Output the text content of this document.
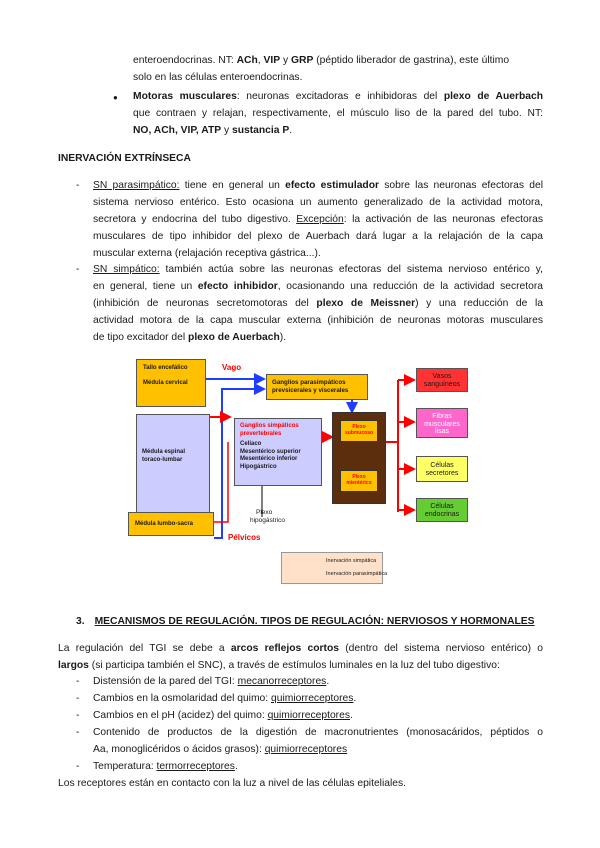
enteroendocrinas. NT: ACh, VIP y GRP (péptido liberador de gastrina), este último
solo en las células enteroendocrinas.
● Motoras musculares: neuronas excitadoras e inhibidoras del plexo de Auerbach
que contraen y relajan, respectivamente, el músculo liso de la pared del tubo. NT:
NO, ACh, VIP, ATP y sustancia P.
INERVACIÓN EXTRÍNSECA
- SN parasimpático: tiene en general un efecto estimulador sobre las neuronas efectoras del
sistema nervioso entérico. Esto ocasiona un aumento generalizado de la actividad motora,
secretora y endocrina del tubo digestivo. Excepción: la activación de las neuronas efectoras
musculares de tipo inhibidor del plexo de Auerbach dará lugar a la relajación de la capa
muscular externa (relajación receptiva gástrica...).
- SN simpático: también actúa sobre las neuronas efectoras del sistema nervioso entérico y,
en general, tiene un efecto inhibidor, ocasionando una reducción de la actividad secretora
(inhibición de neuronas secretomotoras del plexo de Meissner) y una reducción de la
actividad motora de la capa muscular externa (inhibición de neuronas motoras musculares
de tipo excitador del plexo de Auerbach).
Tallo encefálico
Médula cervical
Vago
Ganglios parasimpáticos
prevsicerales y viscerales
Médula espinal
toraco-lumbar
Ganglios simpáticos
prevertebrales
Celíaco
Mesentérico superior
Mesentérico inferior
Hipogástrico
Plexo
submucoso
Plexo
mientérico
Vasos
sanguíneos
Fibras
musculares
lisas
Células
secretores
Células
endocrinas
Plexo
hipogástrico
Médula lumbo-sacra
Pélvicos
Inervación simpática
Inervación parasimpática
3. MECANISMOS DE REGULACIÓN. TIPOS DE REGULACIÓN: NERVIOSOS Y HORMONALES
La regulación del TGI se debe a arcos reflejos cortos (dentro del sistema nervioso entérico) o
largos (si participa también el SNC), a través de estímulos luminales en la luz del tubo digestivo:
- Distensión de la pared del TGI: mecanorreceptores.
- Cambios en la osmolaridad del quimo: quimiorreceptores.
- Cambios en el pH (acidez) del quimo: quimiorreceptores.
- Contenido de productos de la digestión de macronutrientes (monosacáridos, péptidos o
Aa, monoglicéridos o ácidos grasos): quimiorreceptores
- Temperatura: termorreceptores.
Los receptores están en contacto con la luz a nivel de las células epiteliales.
